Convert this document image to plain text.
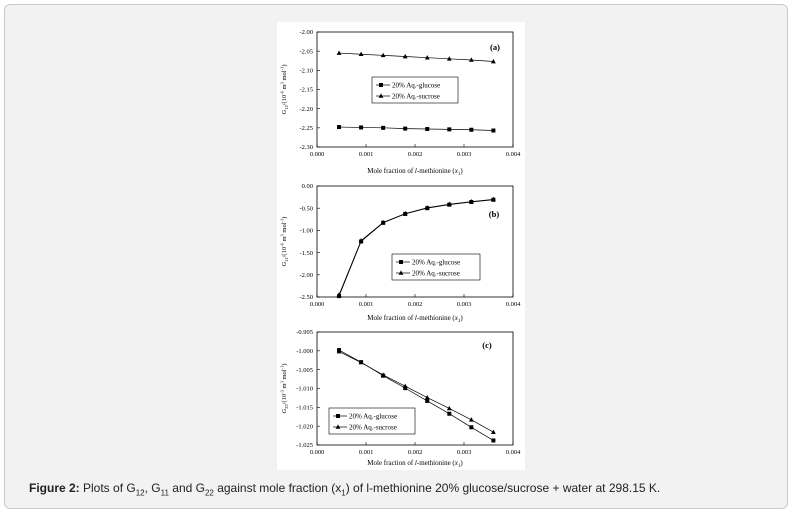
0.000	0.001	0.002	0.003	0.004
-2.00
-2.05
-2.10
-2.15
-2.20
-2.25
-2.30
Mole fraction of l-methionine $(x_1)$
$G_{12}/(10^{-6}$ $m^3$ mol$^{-1}$)
(a)
20% Aq.-glucose
20% Aq.-sucrose
0.000	0.001	0.002	0.003	0.004
0.00
-0.50
-1.00
-1.50
-2.00
-2.50
Mole fraction of l-methionine $(x_1)$
$G_{11}/(10^{-6}$ $m^3$ mol$^{-1}$)	(b)
20% Aq.-glucose
20% Aq.-sucrose
0.000	0.001	0.002	0.003	0.004
-0.995
-1.000
-1.005
-1.010
-1.015
-1.020
-1.025
Mole fraction of l-methionine $(x_1)$
$G_{22}/(10^{-3}$ $m^3$ mol$^{-1}$)
(c)
20% Aq.-glucose
20% Aq.-sucrose
Figure 2: Plots of $G_{12}$, $G_{11}$ and $G_{22}$ against mole fraction $(x_1)$ of l-methionine 20% glucose/sucrose + water at 298.15 K.
